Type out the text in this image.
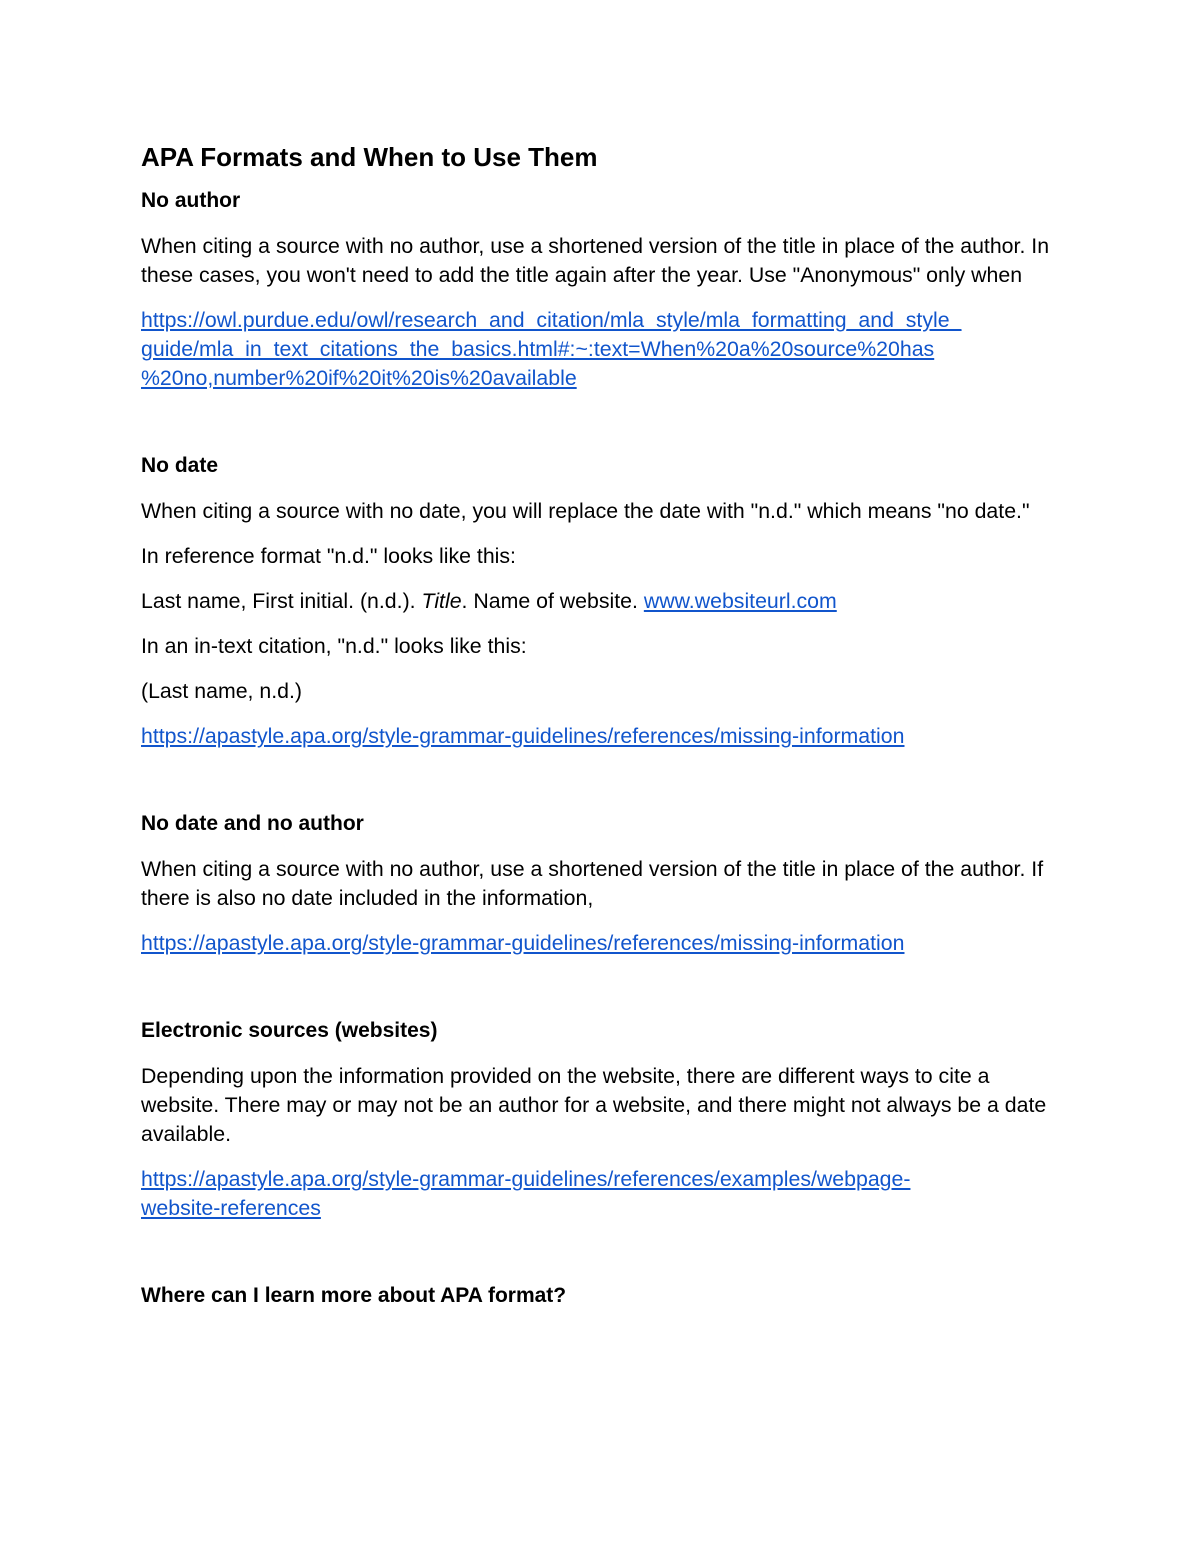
APA Formats and When to Use Them
No author

When citing a source with no author, use a shortened version of the title in place of the author. In these cases, you won't need to add the title again after the year. Use "Anonymous" only when

https://owl.purdue.edu/owl/research_and_citation/mla_style/mla_formatting_and_style_
guide/mla_in_text_citations_the_basics.html#:~:text=When%20a%20source%20has
%20no,number%20if%20it%20is%20available

No date

When citing a source with no date, you will replace the date with "n.d." which means "no date."

In reference format "n.d." looks like this:

Last name, First initial. (n.d.). Title. Name of website. www.websiteurl.com

In an in-text citation, "n.d." looks like this:

(Last name, n.d.)

https://apastyle.apa.org/style-grammar-guidelines/references/missing-information

No date and no author

When citing a source with no author, use a shortened version of the title in place of the author. If there is also no date included in the information,

https://apastyle.apa.org/style-grammar-guidelines/references/missing-information

Electronic sources (websites)

Depending upon the information provided on the website, there are different ways to cite a website. There may or may not be an author for a website, and there might not always be a date available.

https://apastyle.apa.org/style-grammar-guidelines/references/examples/webpage-
website-references

Where can I learn more about APA format?
